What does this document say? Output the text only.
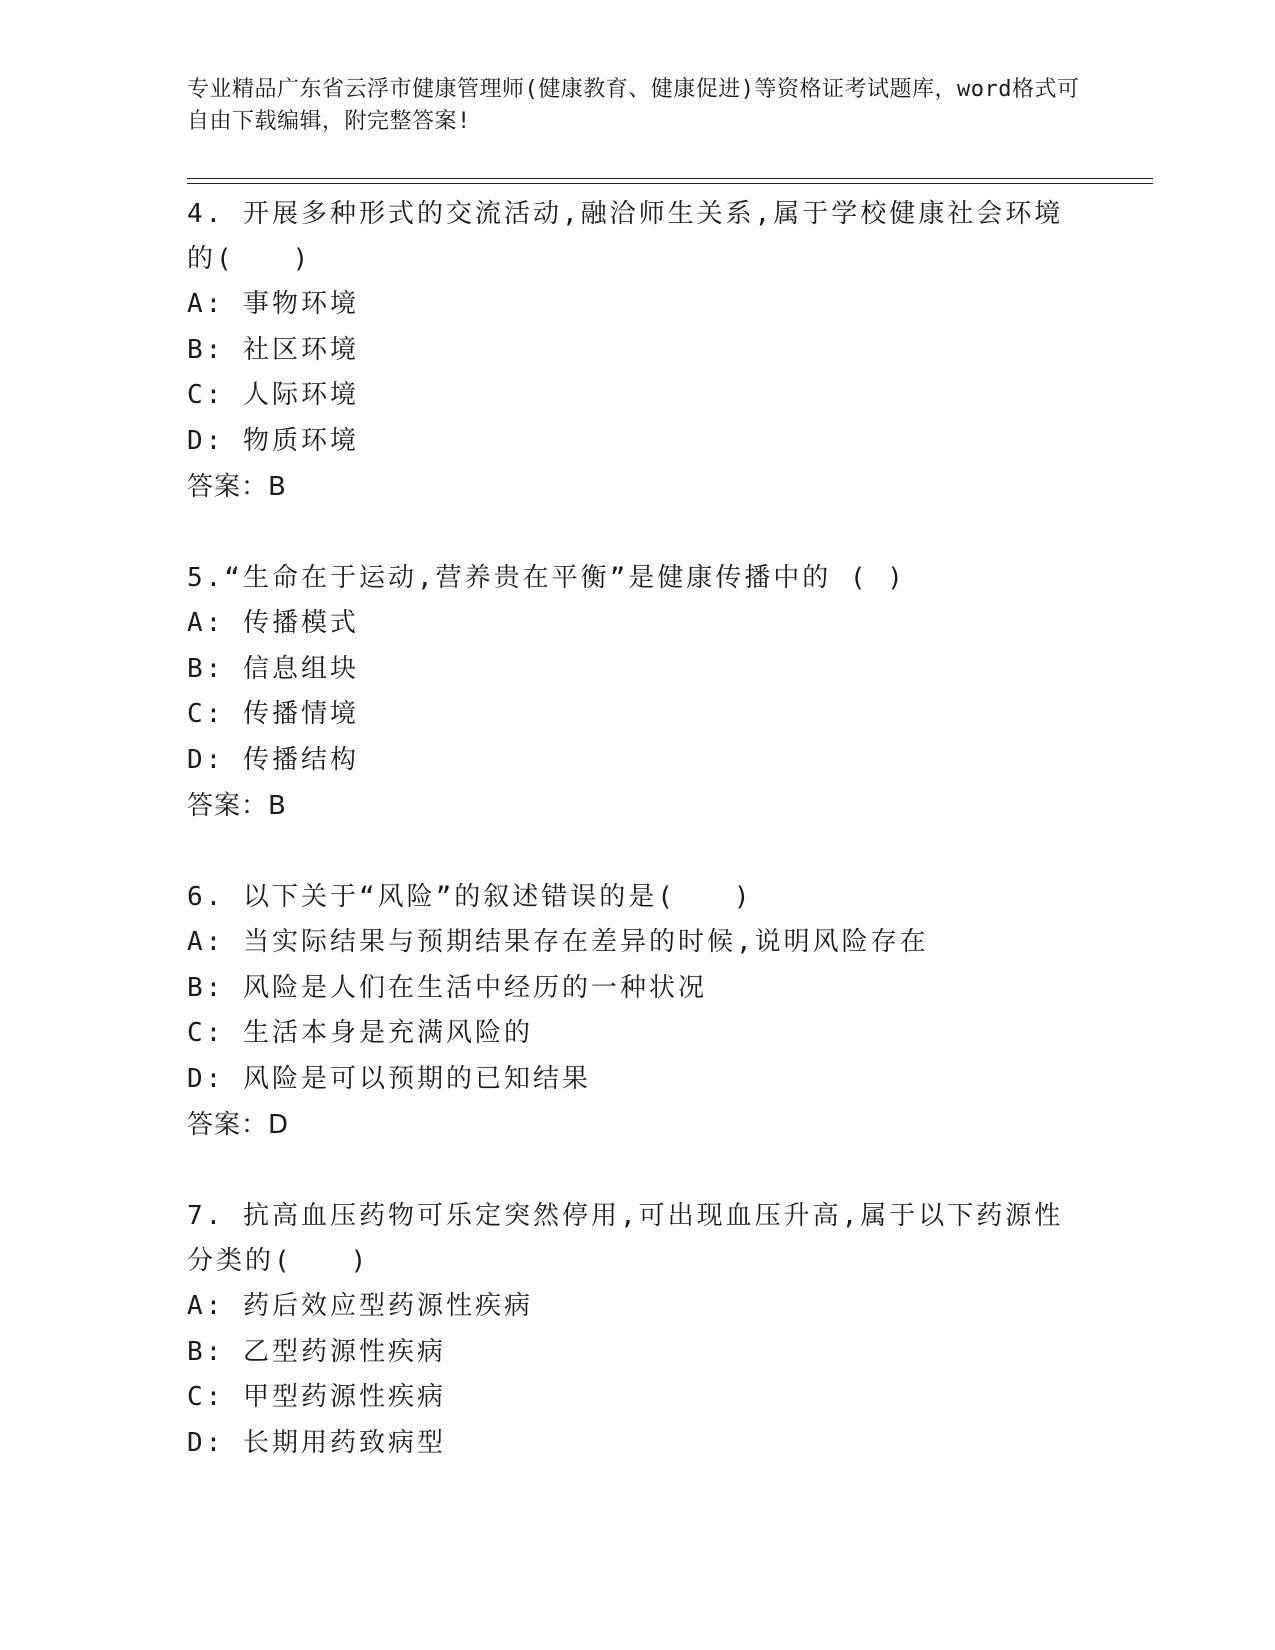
专业精品广东省云浮市健康管理师(健康教育、健康促进)等资格证考试题库，word格式可自由下载编辑，附完整答案!

4. 开展多种形式的交流活动,融洽师生关系,属于学校健康社会环境的(　　)

A: 事物环境

B: 社区环境

C: 人际环境

D: 物质环境

答案：B

5.“生命在于运动,营养贵在平衡”是健康传播中的 ( )

A: 传播模式

B: 信息组块

C: 传播情境

D: 传播结构

答案：B

6. 以下关于“风险”的叙述错误的是(　　)

A: 当实际结果与预期结果存在差异的时候,说明风险存在

B: 风险是人们在生活中经历的一种状况

C: 生活本身是充满风险的

D: 风险是可以预期的已知结果

答案：D

7. 抗高血压药物可乐定突然停用,可出现血压升高,属于以下药源性分类的(　　)

A: 药后效应型药源性疾病

B: 乙型药源性疾病

C: 甲型药源性疾病

D: 长期用药致病型
